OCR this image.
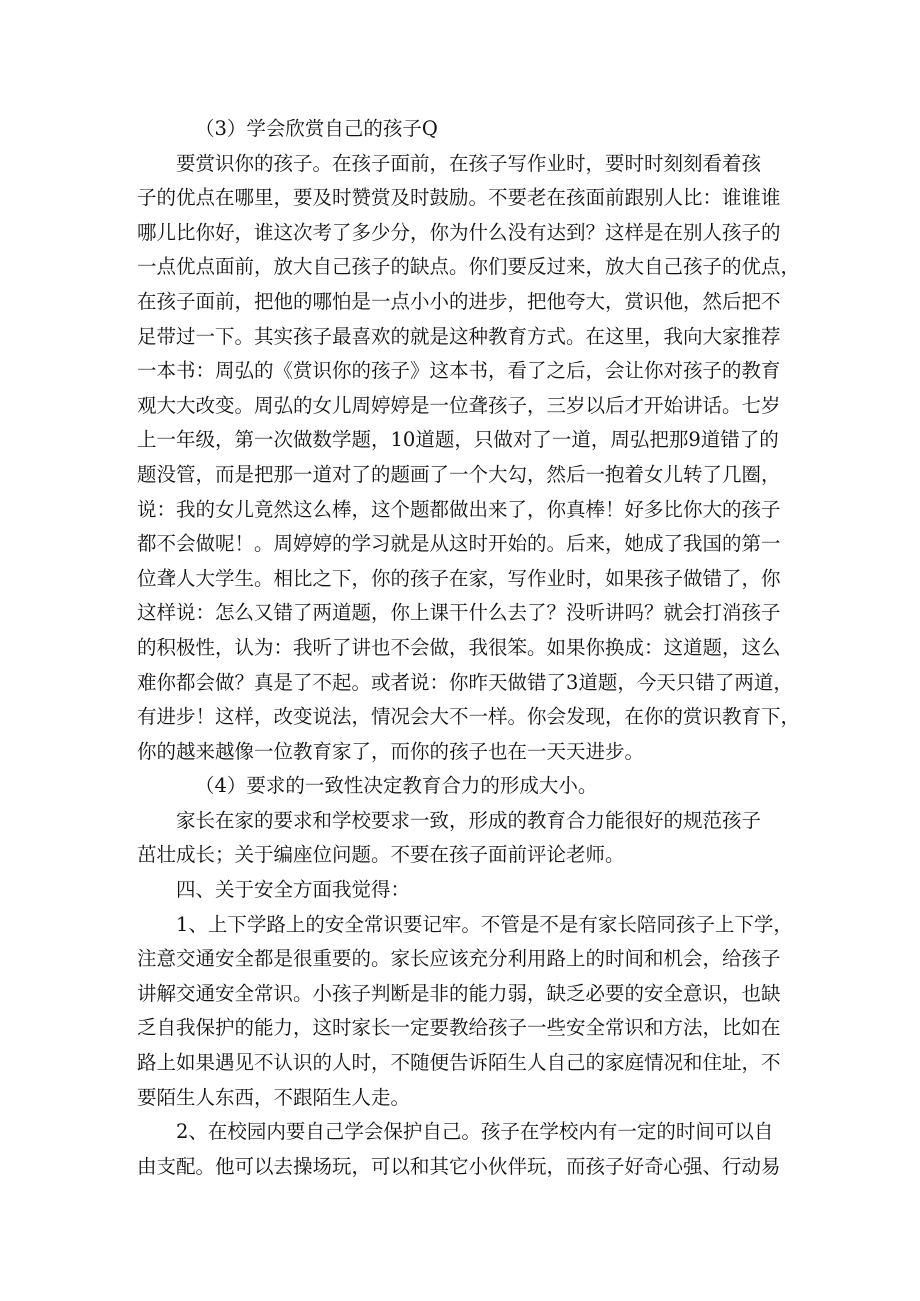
（3）学会欣赏自己的孩子Q
要赏识你的孩子。在孩子面前，在孩子写作业时，要时时刻刻看着孩
子的优点在哪里，要及时赞赏及时鼓励。不要老在孩面前跟别人比：谁谁谁
哪儿比你好，谁这次考了多少分，你为什么没有达到？这样是在别人孩子的
一点优点面前，放大自己孩子的缺点。你们要反过来，放大自己孩子的优点，
在孩子面前，把他的哪怕是一点小小的进步，把他夸大，赏识他，然后把不
足带过一下。其实孩子最喜欢的就是这种教育方式。在这里，我向大家推荐
一本书：周弘的《赏识你的孩子》这本书，看了之后，会让你对孩子的教育
观大大改变。周弘的女儿周婷婷是一位聋孩子，三岁以后才开始讲话。七岁
上一年级，第一次做数学题，10道题，只做对了一道，周弘把那9道错了的
题没管，而是把那一道对了的题画了一个大勾，然后一抱着女儿转了几圈，
说：我的女儿竟然这么棒，这个题都做出来了，你真棒！好多比你大的孩子
都不会做呢！。周婷婷的学习就是从这时开始的。后来，她成了我国的第一
位聋人大学生。相比之下，你的孩子在家，写作业时，如果孩子做错了，你
这样说：怎么又错了两道题，你上课干什么去了？没听讲吗？就会打消孩子
的积极性，认为：我听了讲也不会做，我很笨。如果你换成：这道题，这么
难你都会做？真是了不起。或者说：你昨天做错了3道题，今天只错了两道，
有进步！这样，改变说法，情况会大不一样。你会发现，在你的赏识教育下，
你的越来越像一位教育家了，而你的孩子也在一天天进步。
（4）要求的一致性决定教育合力的形成大小。
家长在家的要求和学校要求一致，形成的教育合力能很好的规范孩子
茁壮成长；关于编座位问题。不要在孩子面前评论老师。
四、关于安全方面我觉得：
1、上下学路上的安全常识要记牢。不管是不是有家长陪同孩子上下学，
注意交通安全都是很重要的。家长应该充分利用路上的时间和机会，给孩子
讲解交通安全常识。小孩子判断是非的能力弱，缺乏必要的安全意识，也缺
乏自我保护的能力，这时家长一定要教给孩子一些安全常识和方法，比如在
路上如果遇见不认识的人时，不随便告诉陌生人自己的家庭情况和住址，不
要陌生人东西，不跟陌生人走。
2、在校园内要自己学会保护自己。孩子在学校内有一定的时间可以自
由支配。他可以去操场玩，可以和其它小伙伴玩，而孩子好奇心强、行动易
